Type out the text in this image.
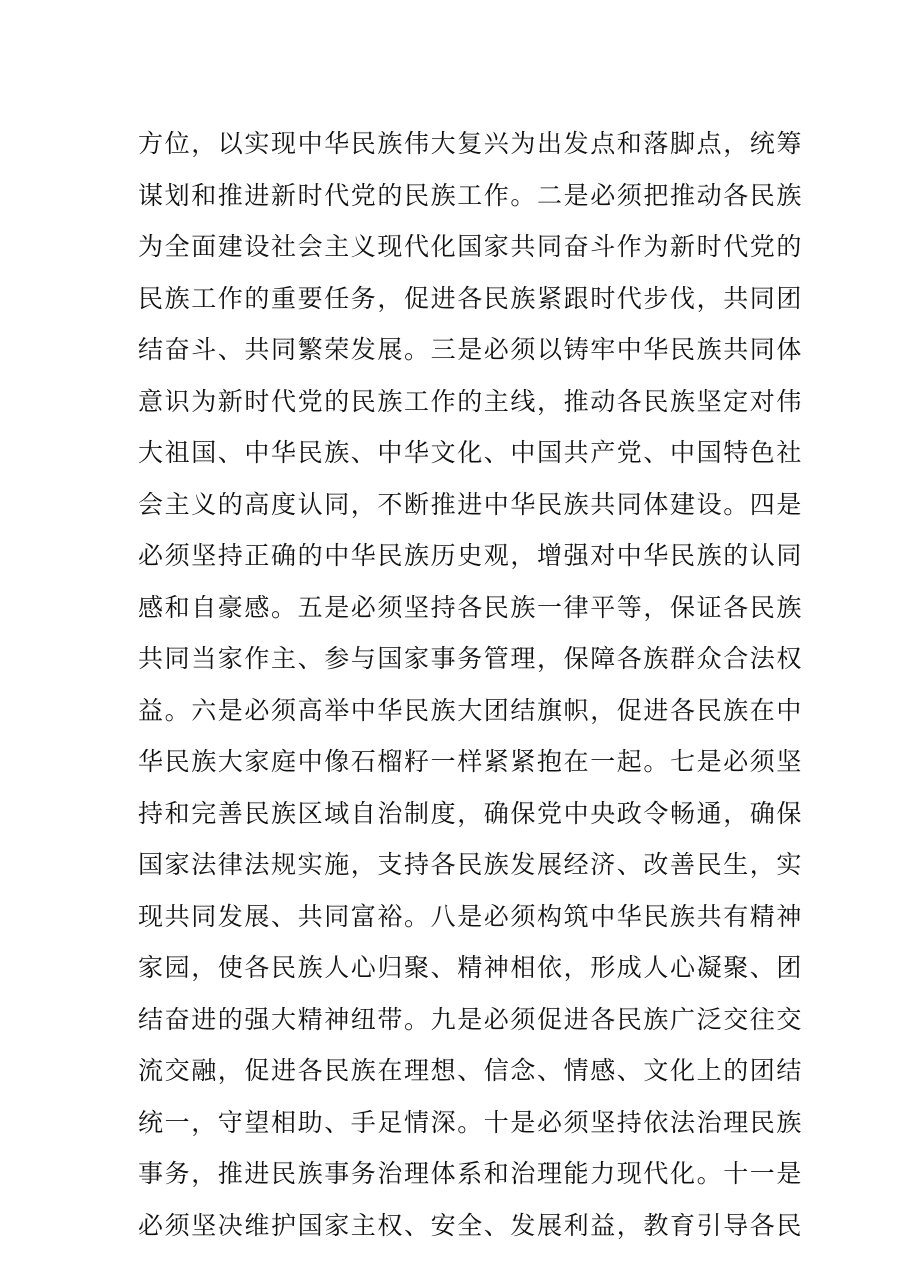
方位，以实现中华民族伟大复兴为出发点和落脚点，统筹
谋划和推进新时代党的民族工作。二是必须把推动各民族
为全面建设社会主义现代化国家共同奋斗作为新时代党的
民族工作的重要任务，促进各民族紧跟时代步伐，共同团
结奋斗、共同繁荣发展。三是必须以铸牢中华民族共同体
意识为新时代党的民族工作的主线，推动各民族坚定对伟
大祖国、中华民族、中华文化、中国共产党、中国特色社
会主义的高度认同，不断推进中华民族共同体建设。四是
必须坚持正确的中华民族历史观，增强对中华民族的认同
感和自豪感。五是必须坚持各民族一律平等，保证各民族
共同当家作主、参与国家事务管理，保障各族群众合法权
益。六是必须高举中华民族大团结旗帜，促进各民族在中
华民族大家庭中像石榴籽一样紧紧抱在一起。七是必须坚
持和完善民族区域自治制度，确保党中央政令畅通，确保
国家法律法规实施，支持各民族发展经济、改善民生，实
现共同发展、共同富裕。八是必须构筑中华民族共有精神
家园，使各民族人心归聚、精神相依，形成人心凝聚、团
结奋进的强大精神纽带。九是必须促进各民族广泛交往交
流交融，促进各民族在理想、信念、情感、文化上的团结
统一，守望相助、手足情深。十是必须坚持依法治理民族
事务，推进民族事务治理体系和治理能力现代化。十一是
必须坚决维护国家主权、安全、发展利益，教育引导各民
